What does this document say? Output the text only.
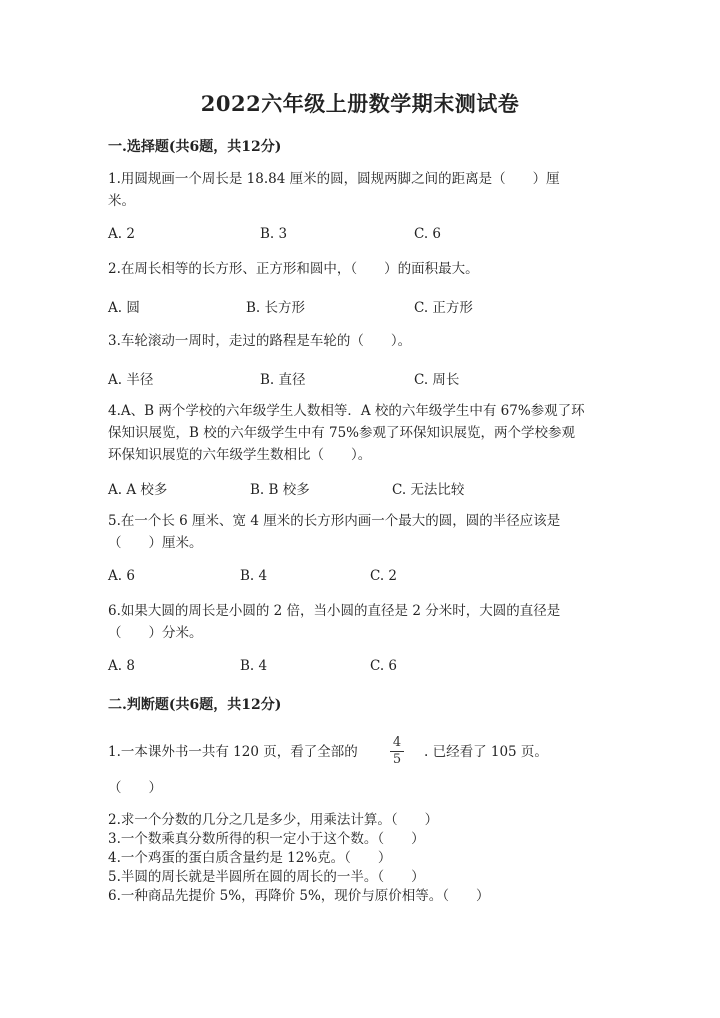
2022六年级上册数学期末测试卷
一.选择题(共6题，共12分)
1.用圆规画一个周长是 18.84 厘米的圆，圆规两脚之间的距离是（　　）厘
米。
A. 2	B. 3	C. 6
2.在周长相等的长方形、正方形和圆中，（　　）的面积最大。
A. 圆	B. 长方形	C. 正方形
3.车轮滚动一周时，走过的路程是车轮的（　　）。
A. 半径	B. 直径	C. 周长
4.A、B 两个学校的六年级学生人数相等．A 校的六年级学生中有 67%参观了环
保知识展览，B 校的六年级学生中有 75%参观了环保知识展览，两个学校参观
环保知识展览的六年级学生数相比（　　）。
A. A 校多	B. B 校多	C. 无法比较
5.在一个长 6 厘米、宽 4 厘米的长方形内画一个最大的圆，圆的半径应该是
（　　）厘米。
A. 6	B. 4	C. 2
6.如果大圆的周长是小圆的 2 倍，当小圆的直径是 2 分米时，大圆的直径是
（　　）分米。
A. 8	B. 4	C. 6
二.判断题(共6题，共12分)
1.一本课外书一共有 120 页，看了全部的
4
5 . 已经看了 105 页。
（　　）
2.求一个分数的几分之几是多少，用乘法计算。（　　）
3.一个数乘真分数所得的积一定小于这个数。（　　）
4.一个鸡蛋的蛋白质含量约是 12%克。（　　）
5.半圆的周长就是半圆所在圆的周长的一半。（　　）
6.一种商品先提价 5%，再降价 5%，现价与原价相等。（　　）
